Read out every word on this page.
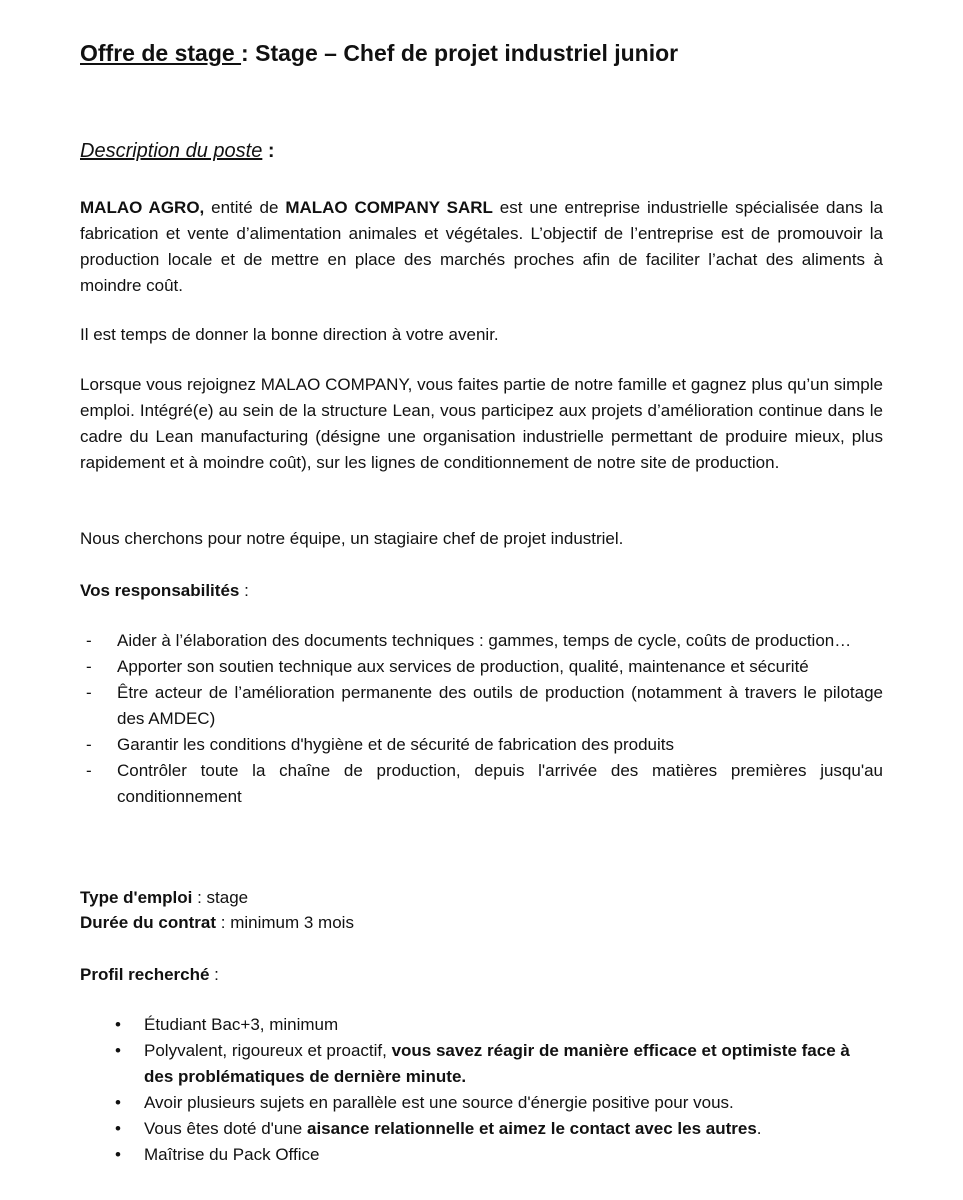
Offre de stage : Stage – Chef de projet industriel junior
Description du poste :
MALAO AGRO, entité de MALAO COMPANY SARL est une entreprise industrielle spécialisée dans la fabrication et vente d’alimentation animales et végétales. L’objectif de l’entreprise est de promouvoir la production locale et de mettre en place des marchés proches afin de faciliter l’achat des aliments à moindre coût.
Il est temps de donner la bonne direction à votre avenir.
Lorsque vous rejoignez MALAO COMPANY, vous faites partie de notre famille et gagnez plus qu’un simple emploi. Intégré(e) au sein de la structure Lean, vous participez aux projets d’amélioration continue dans le cadre du Lean manufacturing (désigne une organisation industrielle permettant de produire mieux, plus rapidement et à moindre coût), sur les lignes de conditionnement de notre site de production.
Nous cherchons pour notre équipe, un stagiaire chef de projet industriel.
Vos responsabilités :
- Aider à l’élaboration des documents techniques : gammes, temps de cycle, coûts de production…
- Apporter son soutien technique aux services de production, qualité, maintenance et sécurité
- Être acteur de l’amélioration permanente des outils de production (notamment à travers le pilotage des AMDEC)
- Garantir les conditions d'hygiène et de sécurité de fabrication des produits
- Contrôler toute la chaîne de production, depuis l'arrivée des matières premières jusqu'au conditionnement
Type d'emploi : stage
Durée du contrat : minimum 3 mois
Profil recherché :
• Étudiant Bac+3, minimum
• Polyvalent, rigoureux et proactif, vous savez réagir de manière efficace et optimiste face à des problématiques de dernière minute.
• Avoir plusieurs sujets en parallèle est une source d'énergie positive pour vous.
• Vous êtes doté d'une aisance relationnelle et aimez le contact avec les autres.
• Maîtrise du Pack Office
